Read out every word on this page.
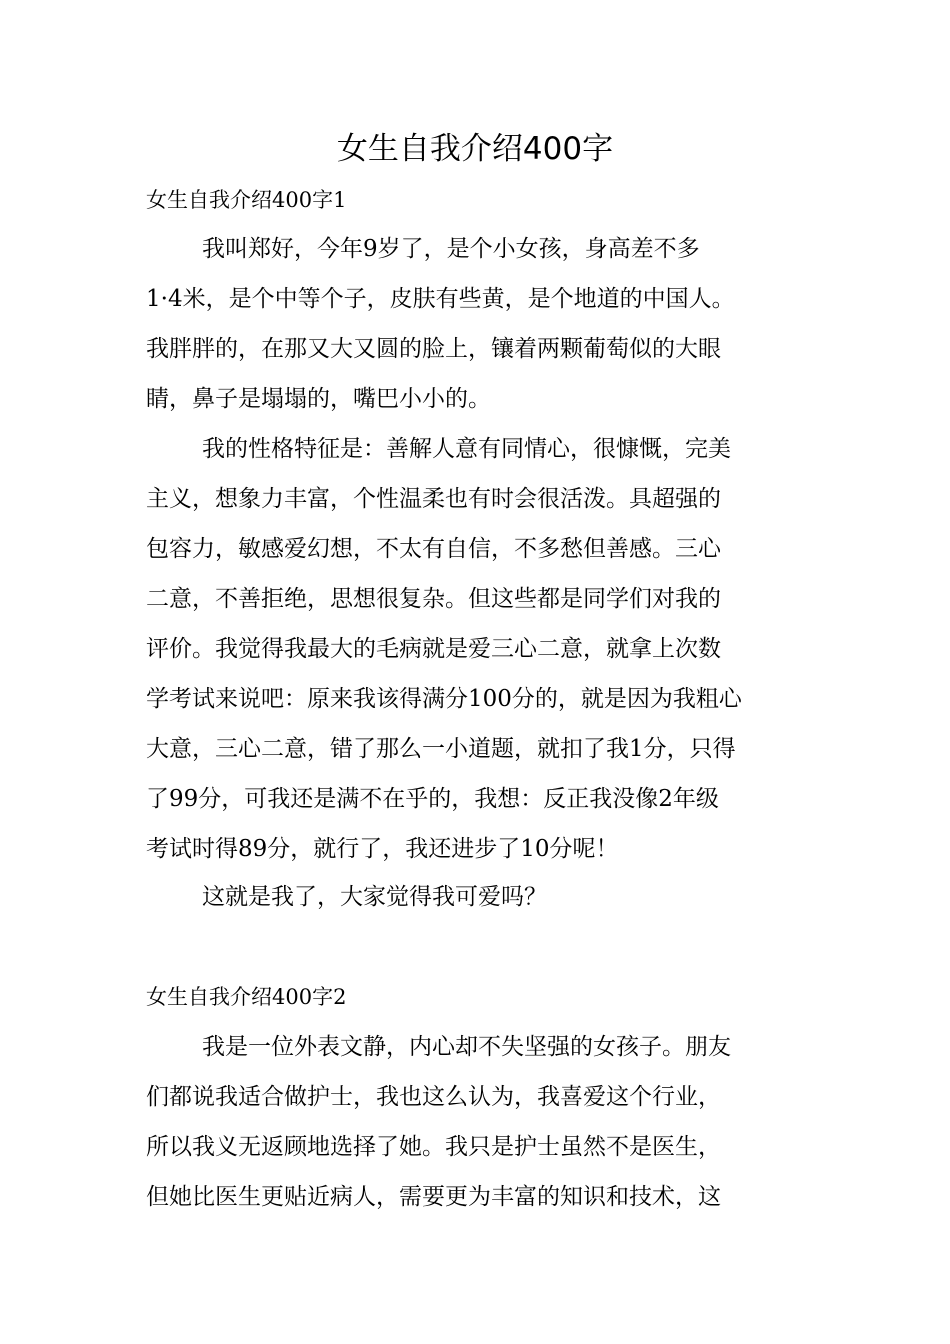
女生自我介绍400字
女生自我介绍400字1
我叫郑好，今年9岁了，是个小女孩，身高差不多
1·4米，是个中等个子，皮肤有些黄，是个地道的中国人。
我胖胖的，在那又大又圆的脸上，镶着两颗葡萄似的大眼
睛，鼻子是塌塌的，嘴巴小小的。
我的性格特征是：善解人意有同情心，很慷慨，完美
主义，想象力丰富，个性温柔也有时会很活泼。具超强的
包容力，敏感爱幻想，不太有自信，不多愁但善感。三心
二意，不善拒绝，思想很复杂。但这些都是同学们对我的
评价。我觉得我最大的毛病就是爱三心二意，就拿上次数
学考试来说吧：原来我该得满分100分的，就是因为我粗心
大意，三心二意，错了那么一小道题，就扣了我1分，只得
了99分，可我还是满不在乎的，我想：反正我没像2年级
考试时得89分，就行了，我还进步了10分呢！
这就是我了，大家觉得我可爱吗？
女生自我介绍400字2
我是一位外表文静，内心却不失坚强的女孩子。朋友
们都说我适合做护士，我也这么认为，我喜爱这个行业，
所以我义无返顾地选择了她。我只是护士虽然不是医生，
但她比医生更贴近病人，需要更为丰富的知识和技术，这
